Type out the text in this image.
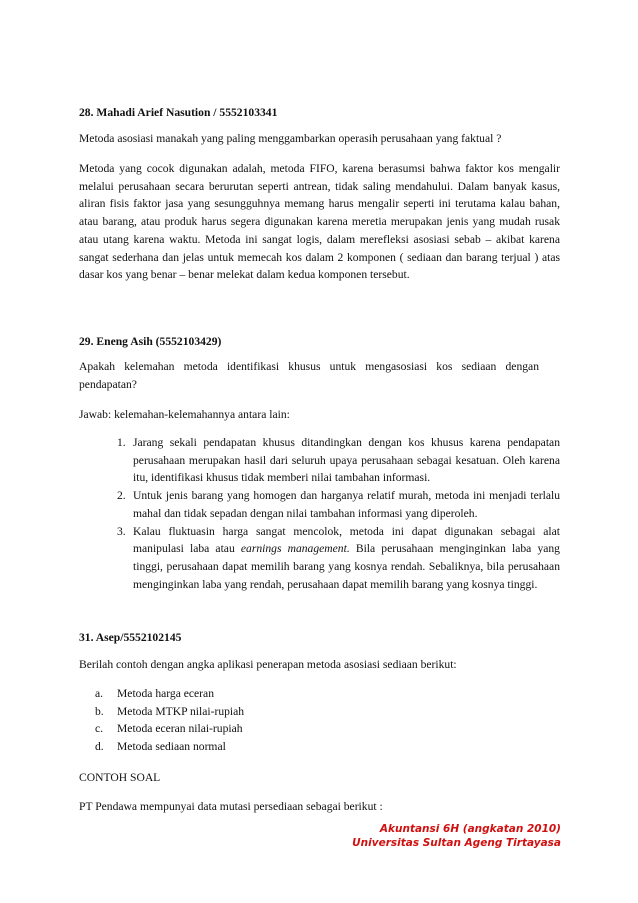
28. Mahadi Arief Nasution / 5552103341

Metoda asosiasi manakah yang paling menggambarkan operasih perusahaan yang faktual ?

Metoda yang cocok digunakan adalah, metoda FIFO, karena berasumsi bahwa faktor kos mengalir melalui perusahaan secara berurutan seperti antrean, tidak saling mendahului. Dalam banyak kasus, aliran fisis faktor jasa yang sesungguhnya memang harus mengalir seperti ini terutama kalau bahan, atau barang, atau produk harus segera digunakan karena meretia merupakan jenis yang mudah rusak atau utang karena waktu. Metoda ini sangat logis, dalam merefleksi asosiasi sebab – akibat karena sangat sederhana dan jelas untuk memecah kos dalam 2 komponen ( sediaan dan barang terjual ) atas dasar kos yang benar – benar melekat dalam kedua komponen tersebut.

29. Eneng Asih (5552103429)

Apakah kelemahan metoda identifikasi khusus untuk mengasosiasi kos sediaan dengan pendapatan?

Jawab: kelemahan-kelemahannya antara lain:

1. Jarang sekali pendapatan khusus ditandingkan dengan kos khusus karena pendapatan perusahaan merupakan hasil dari seluruh upaya perusahaan sebagai kesatuan. Oleh karena itu, identifikasi khusus tidak memberi nilai tambahan informasi.
2. Untuk jenis barang yang homogen dan harganya relatif murah, metoda ini menjadi terlalu mahal dan tidak sepadan dengan nilai tambahan informasi yang diperoleh.
3. Kalau fluktuasin harga sangat mencolok, metoda ini dapat digunakan sebagai alat manipulasi laba atau earnings management. Bila perusahaan menginginkan laba yang tinggi, perusahaan dapat memilih barang yang kosnya rendah. Sebaliknya, bila perusahaan menginginkan laba yang rendah, perusahaan dapat memilih barang yang kosnya tinggi.

31. Asep/5552102145

Berilah contoh dengan angka aplikasi penerapan metoda asosiasi sediaan berikut:

a. Metoda harga eceran
b. Metoda MTKP nilai-rupiah
c. Metoda eceran nilai-rupiah
d. Metoda sediaan normal

CONTOH SOAL

PT Pendawa mempunyai data mutasi persediaan sebagai berikut :

Akuntansi 6H (angkatan 2010)
Universitas Sultan Ageng Tirtayasa
